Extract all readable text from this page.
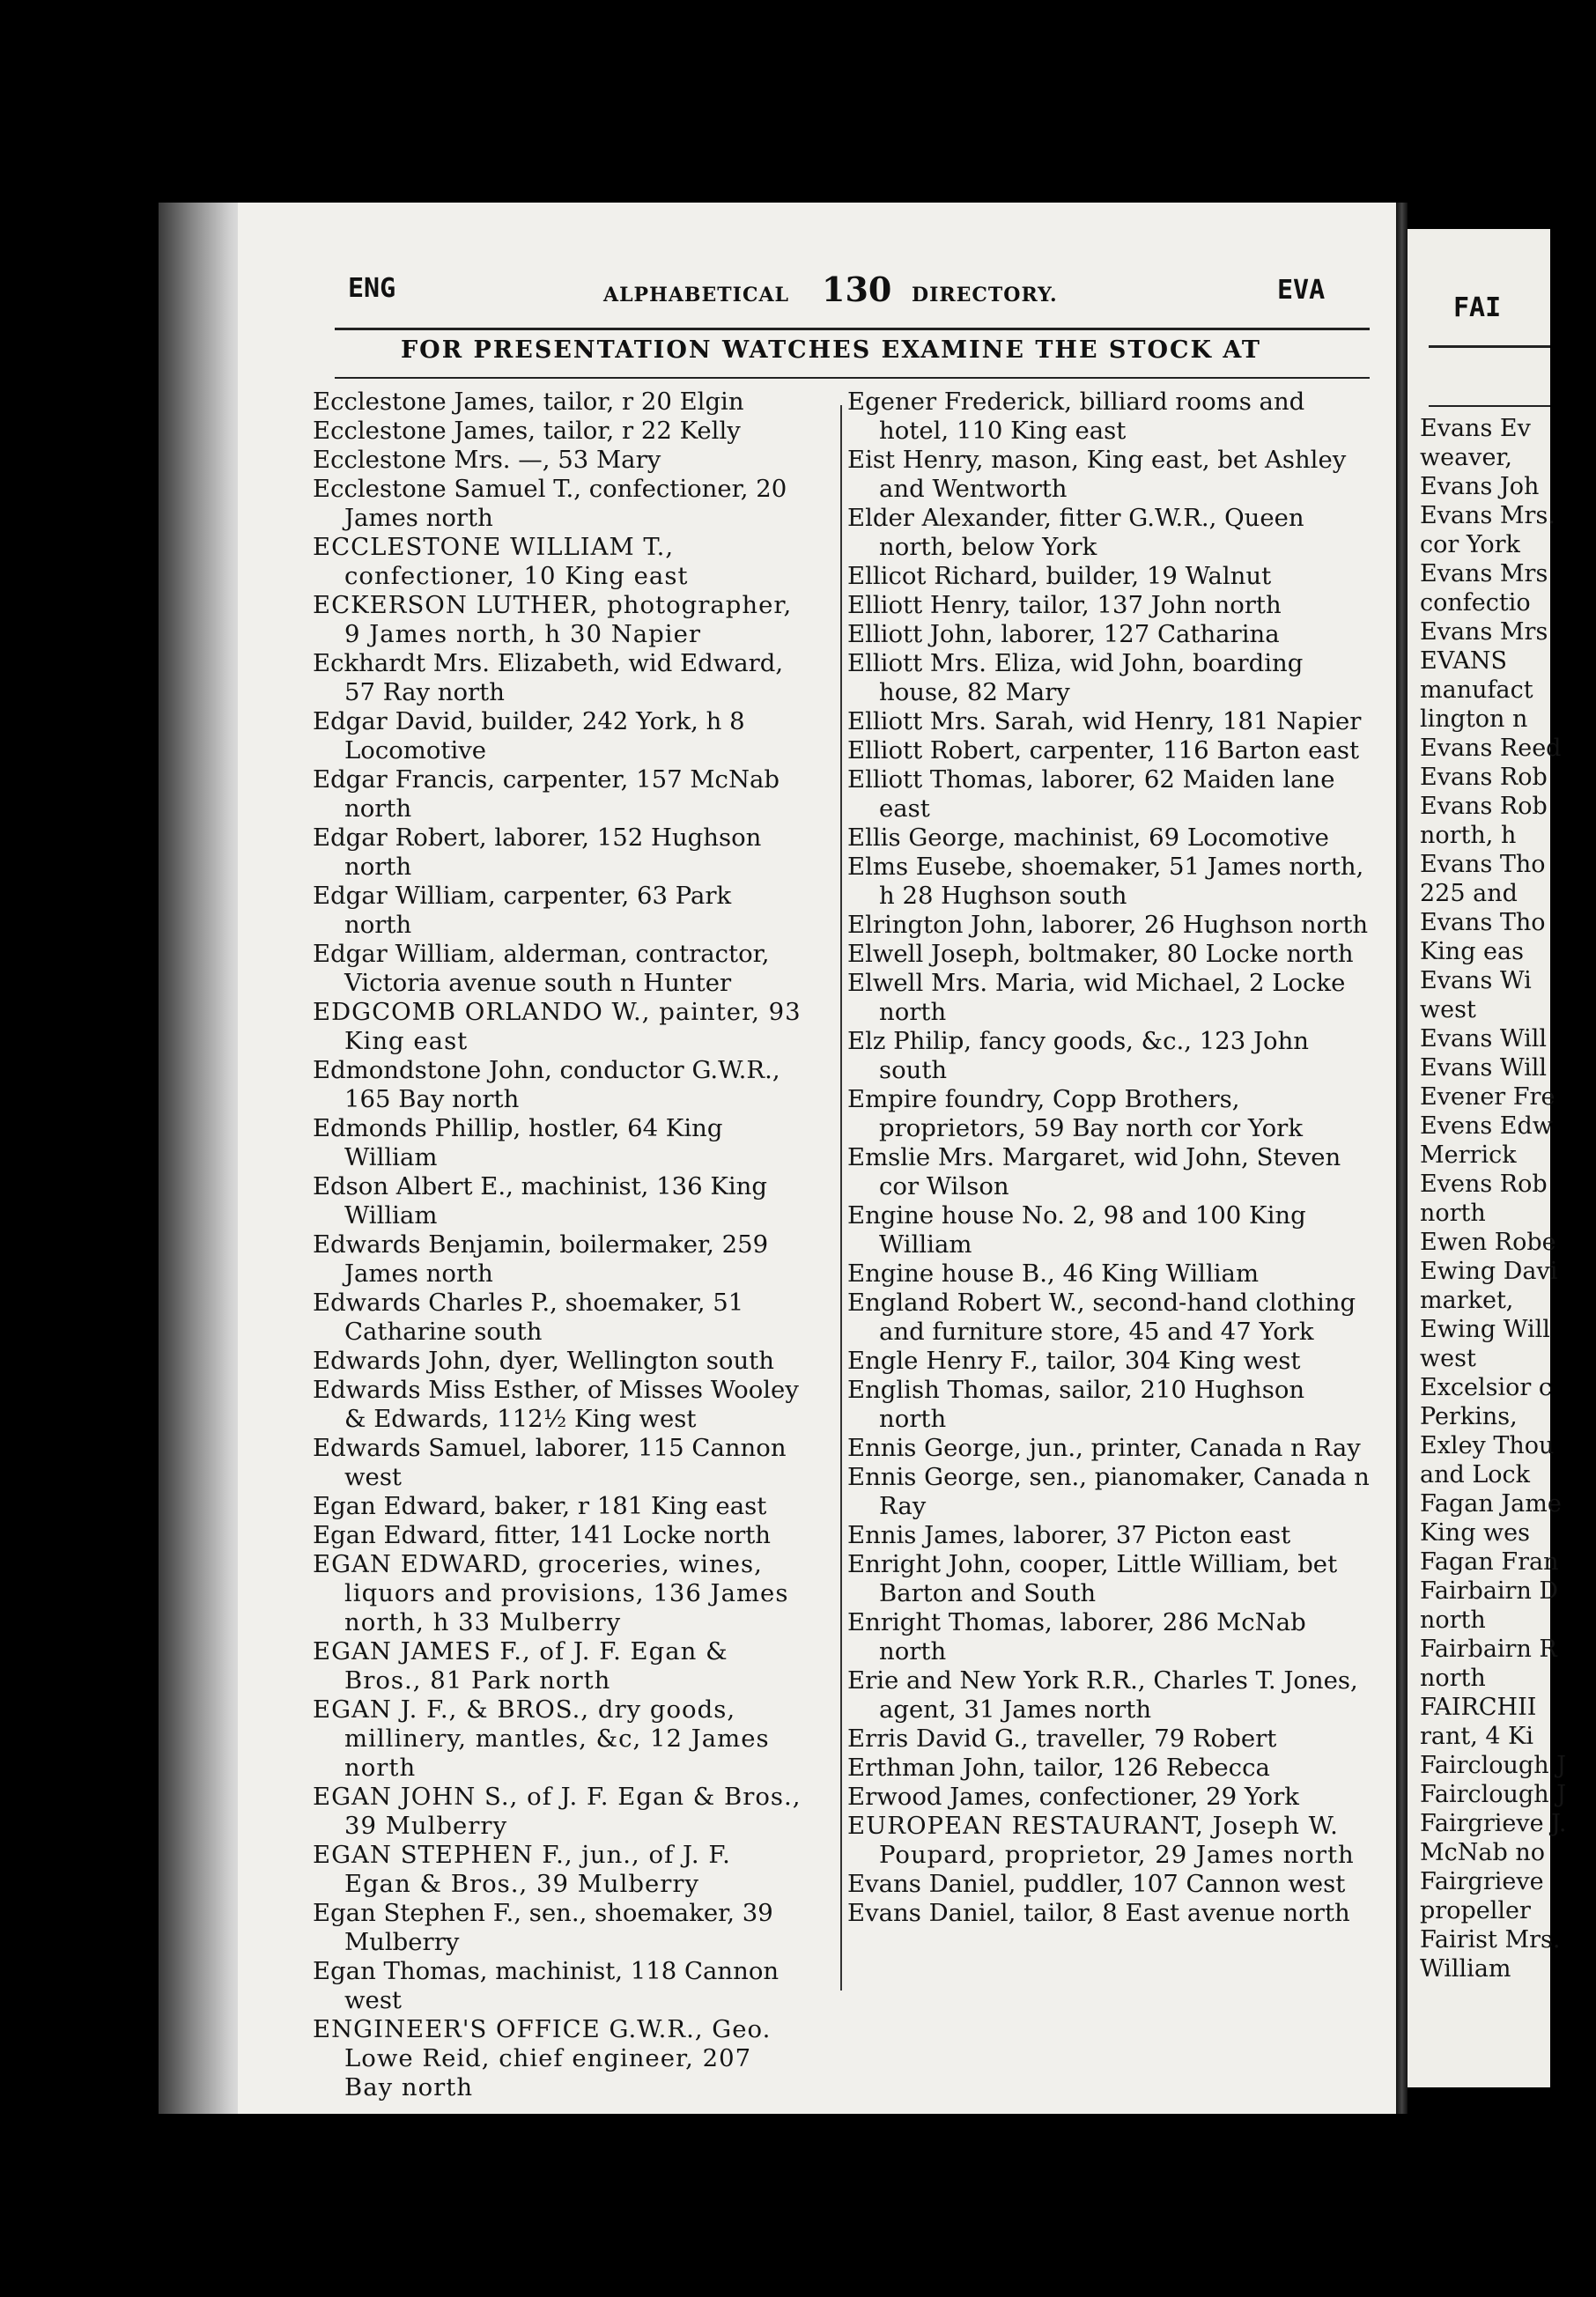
ENG	ALPHABETICAL 130 DIRECTORY.	EVA
FOR PRESENTATION WATCHES EXAMINE THE STOCK AT

Ecclestone James, tailor, r 20 Elgin

Ecclestone James, tailor, r 22 Kelly

Ecclestone Mrs. —, 53 Mary

Ecclestone Samuel T., confectioner, 20 James north

ECCLESTONE WILLIAM T., confectioner, 10 King east

ECKERSON LUTHER, photographer, 9 James north, h 30 Napier

Eckhardt Mrs. Elizabeth, wid Edward, 57 Ray north

Edgar David, builder, 242 York, h 8 Locomotive

Edgar Francis, carpenter, 157 McNab north

Edgar Robert, laborer, 152 Hughson north

Edgar William, carpenter, 63 Park north

Edgar William, alderman, contractor, Victoria avenue south n Hunter

EDGCOMB ORLANDO W., painter, 93 King east

Edmondstone John, conductor G.W.R., 165 Bay north

Edmonds Phillip, hostler, 64 King William

Edson Albert E., machinist, 136 King William

Edwards Benjamin, boilermaker, 259 James north

Edwards Charles P., shoemaker, 51 Catharine south

Edwards John, dyer, Wellington south

Edwards Miss Esther, of Misses Wooley & Edwards, 112½ King west

Edwards Samuel, laborer, 115 Cannon west

Egan Edward, baker, r 181 King east

Egan Edward, fitter, 141 Locke north

EGAN EDWARD, groceries, wines, liquors and provisions, 136 James north, h 33 Mulberry

EGAN JAMES F., of J. F. Egan & Bros., 81 Park north

EGAN J. F., & BROS., dry goods, millinery, mantles, &c, 12 James north

EGAN JOHN S., of J. F. Egan & Bros., 39 Mulberry

EGAN STEPHEN F., jun., of J. F. Egan & Bros., 39 Mulberry

Egan Stephen F., sen., shoemaker, 39 Mulberry

Egan Thomas, machinist, 118 Cannon west

ENGINEER'S OFFICE G.W.R., Geo. Lowe Reid, chief engineer, 207 Bay north

Egener Frederick, billiard rooms and hotel, 110 King east

Eist Henry, mason, King east, bet Ashley and Wentworth

Elder Alexander, fitter G.W.R., Queen north, below York

Ellicot Richard, builder, 19 Walnut

Elliott Henry, tailor, 137 John north

Elliott John, laborer, 127 Catharina

Elliott Mrs. Eliza, wid John, boarding house, 82 Mary

Elliott Mrs. Sarah, wid Henry, 181 Napier

Elliott Robert, carpenter, 116 Barton east

Elliott Thomas, laborer, 62 Maiden lane east

Ellis George, machinist, 69 Locomotive

Elms Eusebe, shoemaker, 51 James north, h 28 Hughson south

Elrington John, laborer, 26 Hughson north

Elwell Joseph, boltmaker, 80 Locke north

Elwell Mrs. Maria, wid Michael, 2 Locke north

Elz Philip, fancy goods, &c., 123 John south

Empire foundry, Copp Brothers, proprietors, 59 Bay north cor York

Emslie Mrs. Margaret, wid John, Steven cor Wilson

Engine house No. 2, 98 and 100 King William

Engine house B., 46 King William

England Robert W., second-hand clothing and furniture store, 45 and 47 York

Engle Henry F., tailor, 304 King west

English Thomas, sailor, 210 Hughson north

Ennis George, jun., printer, Canada n Ray

Ennis George, sen., pianomaker, Canada n Ray

Ennis James, laborer, 37 Picton east

Enright John, cooper, Little William, bet Barton and South

Enright Thomas, laborer, 286 McNab north

Erie and New York R.R., Charles T. Jones, agent, 31 James north

Erris David G., traveller, 79 Robert

Erthman John, tailor, 126 Rebecca

Erwood James, confectioner, 29 York

EUROPEAN RESTAURANT, Joseph W. Poupard, proprietor, 29 James north

Evans Daniel, puddler, 107 Cannon west

Evans Daniel, tailor, 8 East avenue north

FAI

Evans Ev

weaver,

Evans Joh

Evans Mrs.

cor York

Evans Mrs

confectio

Evans Mrs

EVANS

manufact

lington n

Evans Reed

Evans Rob

Evans Rob

north, h

Evans Tho

225 and

Evans Tho

King eas

Evans Wi

west

Evans Will

Evans Will

Evener Fre

Evens Edw

Merrick

Evens Rob

north

Ewen Robe

Ewing Davi

market,

Ewing Will

west

Excelsior c

Perkins,

Exley Thou

and Lock

Fagan Jame

King wes

Fagan Fran

Fairbairn D

north

Fairbairn R

north

FAIRCHII

rant, 4 Ki

Fairclough J

Fairclough J

Fairgrieve J.

McNab no

Fairgrieve

propeller

Fairist Mrs.

William
